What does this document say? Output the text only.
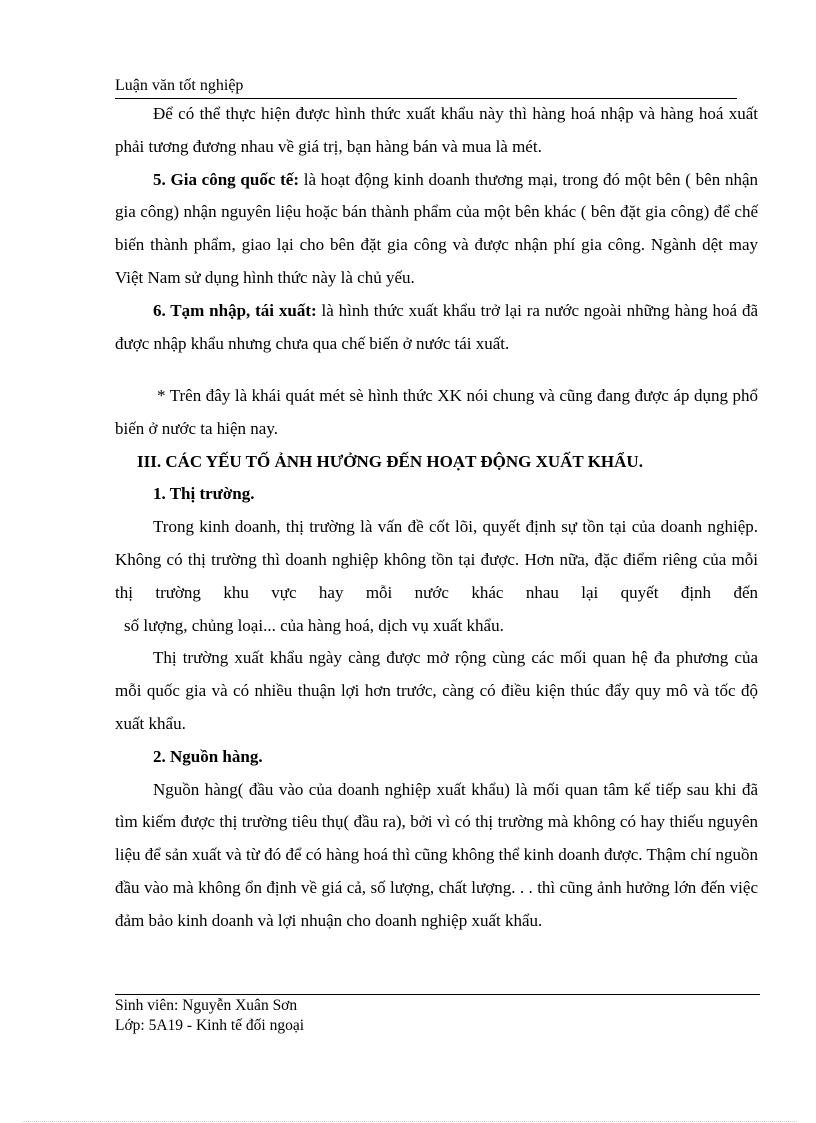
Luận văn tốt nghiệp

Để có thể thực hiện được hình thức xuất khẩu này thì hàng hoá nhập và hàng hoá xuất phải tương đương nhau về giá trị, bạn hàng bán và mua là mét.

5. Gia công quốc tế: là hoạt động kinh doanh thương mại, trong đó một bên ( bên nhận gia công) nhận nguyên liệu hoặc bán thành phẩm của một bên khác ( bên đặt gia công) để chế biến thành phẩm, giao lại cho bên đặt gia công và được nhận phí gia công. Ngành dệt may Việt Nam sử dụng hình thức này là chủ yếu.

6. Tạm nhập, tái xuất: là hình thức xuất khẩu trở lại ra nước ngoài những hàng hoá đã được nhập khẩu nhưng chưa qua chế biến ở nước tái xuất.

* Trên đây là khái quát mét sè hình thức XK nói chung và cũng đang được áp dụng phổ biến ở nước ta hiện nay.

III. CÁC YẾU TỐ ẢNH HƯỞNG ĐẾN HOẠT ĐỘNG XUẤT KHẨU.

1. Thị trường.

Trong kinh doanh, thị trường là vấn đề cốt lõi, quyết định sự tồn tại của doanh nghiệp. Không có thị trường thì doanh nghiệp không tồn tại được. Hơn nữa, đặc điểm riêng của mỗi thị trường khu vực hay mỗi nước khác nhau lại quyết định đến

số lượng, chủng loại... của hàng hoá, dịch vụ xuất khẩu.

Thị trường xuất khẩu ngày càng được mở rộng cùng các mối quan hệ đa phương của mỗi quốc gia và có nhiều thuận lợi hơn trước, càng có điều kiện thúc đẩy quy mô và tốc độ xuất khẩu.

2. Nguồn hàng.

Nguồn hàng( đầu vào của doanh nghiệp xuất khẩu) là mối quan tâm kế tiếp sau khi đã tìm kiếm được thị trường tiêu thụ( đầu ra), bởi vì có thị trường mà không có hay thiếu nguyên liệu để sản xuất và từ đó để có hàng hoá thì cũng không thể kinh doanh được. Thậm chí nguồn đầu vào mà không ổn định về giá cả, số lượng, chất lượng. . . thì cũng ảnh hưởng lớn đến việc đảm bảo kinh doanh và lợi nhuận cho doanh nghiệp xuất khẩu.

Sinh viên: Nguyễn Xuân Sơn
Lớp: 5A19 - Kinh tế đối ngoại
